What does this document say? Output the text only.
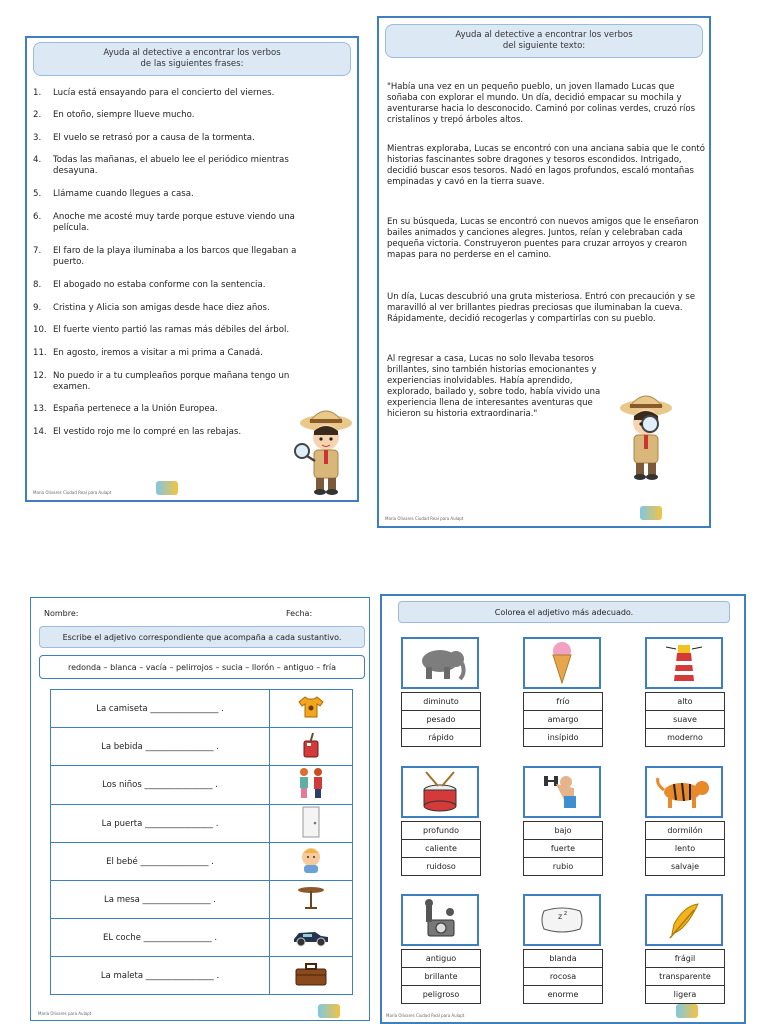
Ayuda al detective a encontrar los verbos
de las siguientes frases:
1.	Lucía está ensayando para el concierto del viernes.
2.	En otoño, siempre llueve mucho.
3.	El vuelo se retrasó por a causa de la tormenta.
4.	Todas las mañanas, el abuelo lee el periódico mientras desayuna.
5.	Llámame cuando llegues a casa.
6.	Anoche me acosté muy tarde porque estuve viendo una película.
7.	El faro de la playa iluminaba a los barcos que llegaban a puerto.
8.	El abogado no estaba conforme con la sentencia.
9.	Cristina y Alicia son amigas desde hace diez años.
10. El fuerte viento partió las ramas más débiles del árbol.
11. En agosto, iremos a visitar a mi prima a Canadá.
12. No puedo ir a tu cumpleaños porque mañana tengo un examen.
13. España pertenece a la Unión Europea.
14. El vestido rojo me lo compré en las rebajas.
María Olivares Ciudad Real para Aulapt
Ayuda al detective a encontrar los verbos
del siguiente texto:
"Había una vez en un pequeño pueblo, un joven llamado Lucas que soñaba con explorar el mundo. Un día, decidió empacar su mochila y aventurarse hacia lo desconocido. Caminó por colinas verdes, cruzó ríos cristalinos y trepó árboles altos.
Mientras exploraba, Lucas se encontró con una anciana sabia que le contó historias fascinantes sobre dragones y tesoros escondidos. Intrigado, decidió buscar esos tesoros. Nadó en lagos profundos, escaló montañas empinadas y cavó en la tierra suave.
En su búsqueda, Lucas se encontró con nuevos amigos que le enseñaron bailes animados y canciones alegres. Juntos, reían y celebraban cada pequeña victoria. Construyeron puentes para cruzar arroyos y crearon mapas para no perderse en el camino.
Un día, Lucas descubrió una gruta misteriosa. Entró con precaución y se maravilló al ver brillantes piedras preciosas que iluminaban la cueva. Rápidamente, decidió recogerlas y compartirlas con su pueblo.
Al regresar a casa, Lucas no solo llevaba tesoros brillantes, sino también historias emocionantes y experiencias inolvidables. Había aprendido, explorado, bailado y, sobre todo, había vivido una experiencia llena de interesantes aventuras que hicieron su historia extraordinaria."
María Olivares Ciudad Real para Aulapt
Nombre:	Fecha:
Escribe el adjetivo correspondiente que acompaña a cada sustantivo.
redonda – blanca – vacía – pelirrojos – sucia – llorón – antiguo – fría
La camiseta ________________ .	
La bebida ________________ .	
Los niños ________________ .	
La puerta ________________ .	
El bebé ________________ .	
La mesa ________________ .	
EL coche ________________ .	
La maleta ________________ .	
María Olivares para Aulapt
Colorea el adjetivo más adecuado.
diminuto
pesado
rápido
frío
amargo
insípido
alto
suave
moderno
profundo
caliente
ruidoso
bajo
fuerte
rubio
dormilón
lento
salvaje
antiguo
brillante
peligroso
z z
blanda
rocosa
enorme
frágil
transparente
ligera
María Olivares Ciudad Real para Aulapt
